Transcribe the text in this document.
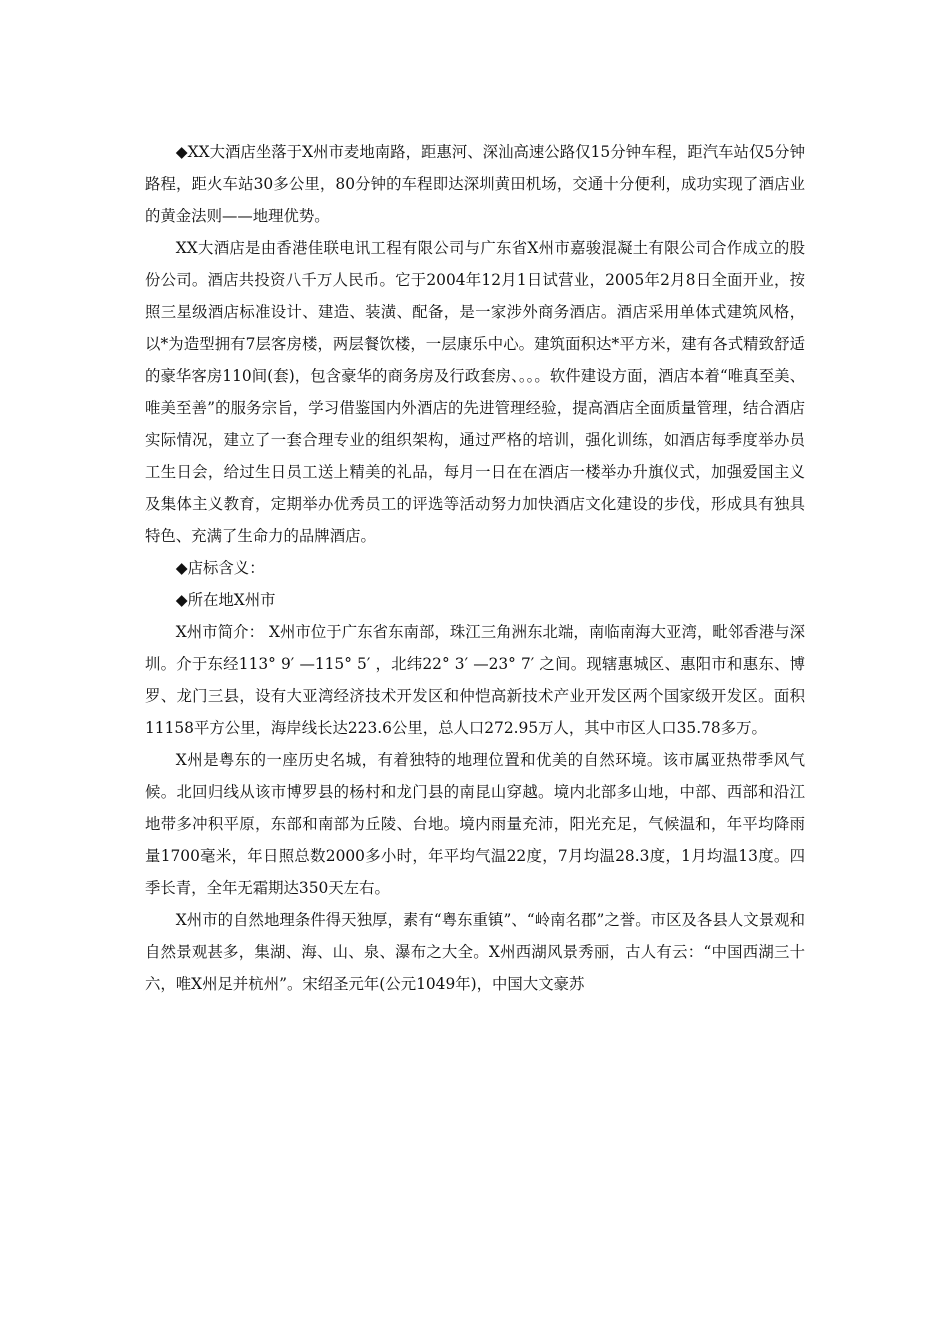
◆XX大酒店坐落于X州市麦地南路，距惠河、深汕高速公路仅15分钟车程，距汽车站仅5分钟路程，距火车站30多公里，80分钟的车程即达深圳黄田机场，交通十分便利，成功实现了酒店业的黄金法则——地理优势。

XX大酒店是由香港佳联电讯工程有限公司与广东省X州市嘉骏混凝土有限公司合作成立的股份公司。酒店共投资八千万人民币。它于2004年12月1日试营业，2005年2月8日全面开业，按照三星级酒店标准设计、建造、装潢、配备，是一家涉外商务酒店。酒店采用单体式建筑风格，以*为造型拥有7层客房楼，两层餐饮楼，一层康乐中心。建筑面积达*平方米，建有各式精致舒适的豪华客房110间(套)，包含豪华的商务房及行政套房、。。。软件建设方面，酒店本着“唯真至美、唯美至善”的服务宗旨，学习借鉴国内外酒店的先进管理经验，提高酒店全面质量管理，结合酒店实际情况，建立了一套合理专业的组织架构，通过严格的培训，强化训练，如酒店每季度举办员工生日会，给过生日员工送上精美的礼品，每月一日在在酒店一楼举办升旗仪式，加强爱国主义及集体主义教育，定期举办优秀员工的评选等活动努力加快酒店文化建设的步伐，形成具有独具特色、充满了生命力的品牌酒店。

◆店标含义：

◆所在地X州市

X州市简介： X州市位于广东省东南部，珠江三角洲东北端，南临南海大亚湾，毗邻香港与深圳。介于东经113° 9′ —115° 5′ ，北纬22° 3′ —23° 7′ 之间。现辖惠城区、惠阳市和惠东、博罗、龙门三县，设有大亚湾经济技术开发区和仲恺高新技术产业开发区两个国家级开发区。面积11158平方公里，海岸线长达223.6公里，总人口272.95万人，其中市区人口35.78多万。

X州是粤东的一座历史名城，有着独特的地理位置和优美的自然环境。该市属亚热带季风气候。北回归线从该市博罗县的杨村和龙门县的南昆山穿越。境内北部多山地，中部、西部和沿江地带多冲积平原，东部和南部为丘陵、台地。境内雨量充沛，阳光充足，气候温和，年平均降雨量1700毫米，年日照总数2000多小时，年平均气温22度，7月均温28.3度，1月均温13度。四季长青，全年无霜期达350天左右。

X州市的自然地理条件得天独厚，素有“粤东重镇”、“岭南名郡”之誉。市区及各县人文景观和自然景观甚多，集湖、海、山、泉、瀑布之大全。X州西湖风景秀丽，古人有云：“中国西湖三十六，唯X州足并杭州”。宋绍圣元年(公元1049年)，中国大文豪苏
